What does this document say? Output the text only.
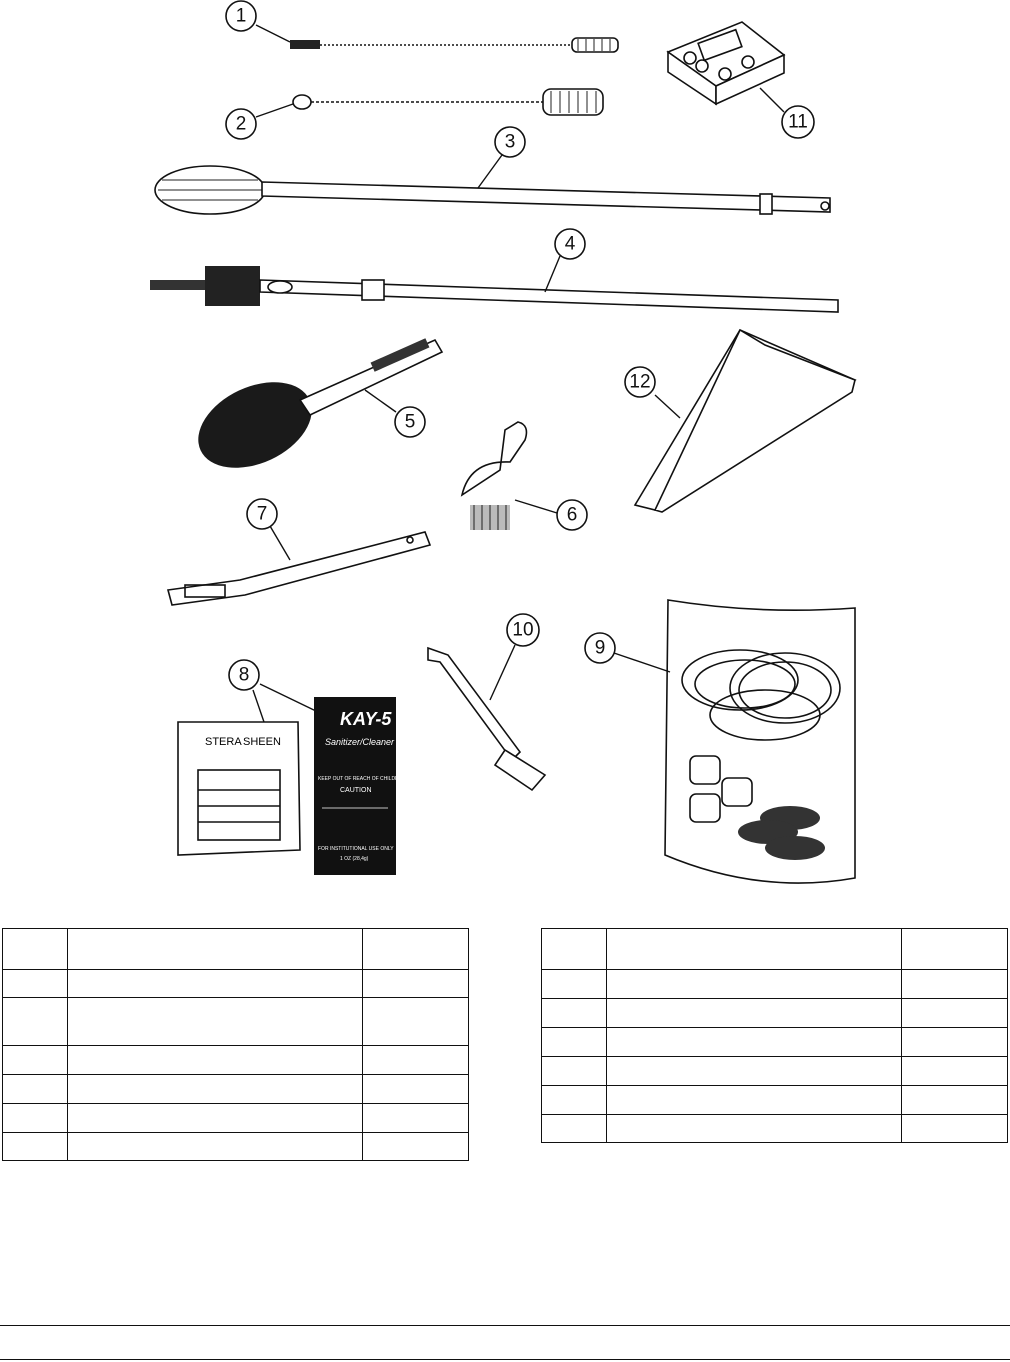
1
2	11
3
4
5
12
6
7
10
9
STERA SHEEN
KAY-5
Sanitizer/Cleaner
KEEP OUT OF REACH OF CHILDREN
CAUTION
FOR INSTITUTIONAL USE ONLY
1 OZ (28,4g)
8
